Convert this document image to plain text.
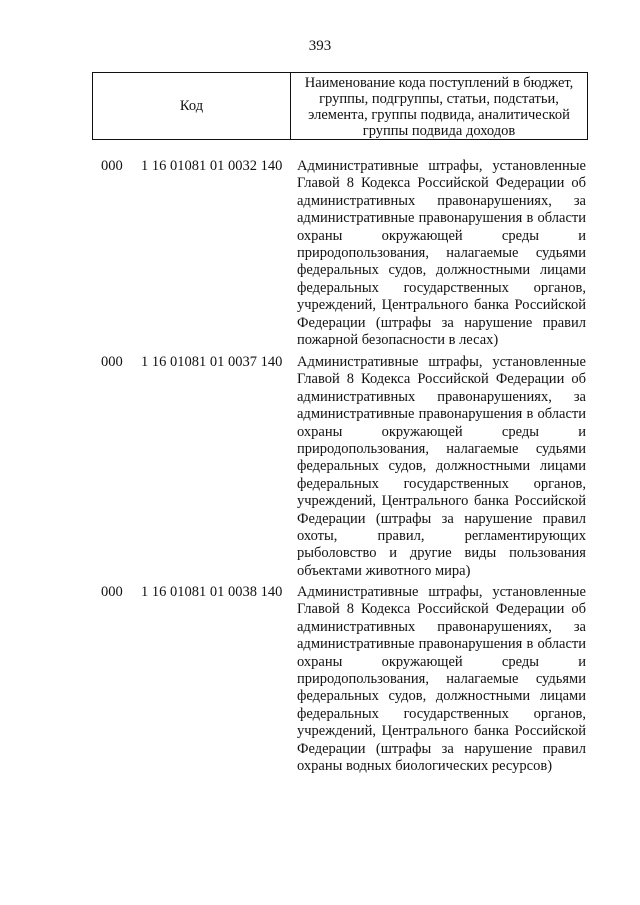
393
Код
Наименование кода поступлений в бюджет,
группы, подгруппы, статьи, подстатьи,
элемента, группы подвида, аналитической
группы подвида доходов
000 1 16 01081 01 0032 140 Административные штрафы, установленные
Главой 8 Кодекса Российской Федерации об
административных правонарушениях, за
административные правонарушения в области
охраны	окружающей	среды	и
природопользования, налагаемые судьями
федеральных судов, должностными лицами
федеральных государственных органов,
учреждений, Центрального банка Российской
Федерации (штрафы за нарушение правил
пожарной безопасности в лесах)
000 1 16 01081 01 0037 140 Административные штрафы, установленные
Главой 8 Кодекса Российской Федерации об
административных правонарушениях, за
административные правонарушения в области
охраны	окружающей	среды	и
природопользования, налагаемые судьями
федеральных судов, должностными лицами
федеральных государственных органов,
учреждений, Центрального банка Российской
Федерации (штрафы за нарушение правил
охоты,	правил,	регламентирующих
рыболовство и другие виды пользования
объектами животного мира)
000 1 16 01081 01 0038 140 Административные штрафы, установленные
Главой 8 Кодекса Российской Федерации об
административных правонарушениях, за
административные правонарушения в области
охраны	окружающей	среды	и
природопользования, налагаемые судьями
федеральных судов, должностными лицами
федеральных государственных органов,
учреждений, Центрального банка Российской
Федерации (штрафы за нарушение правил
охраны водных биологических ресурсов)
